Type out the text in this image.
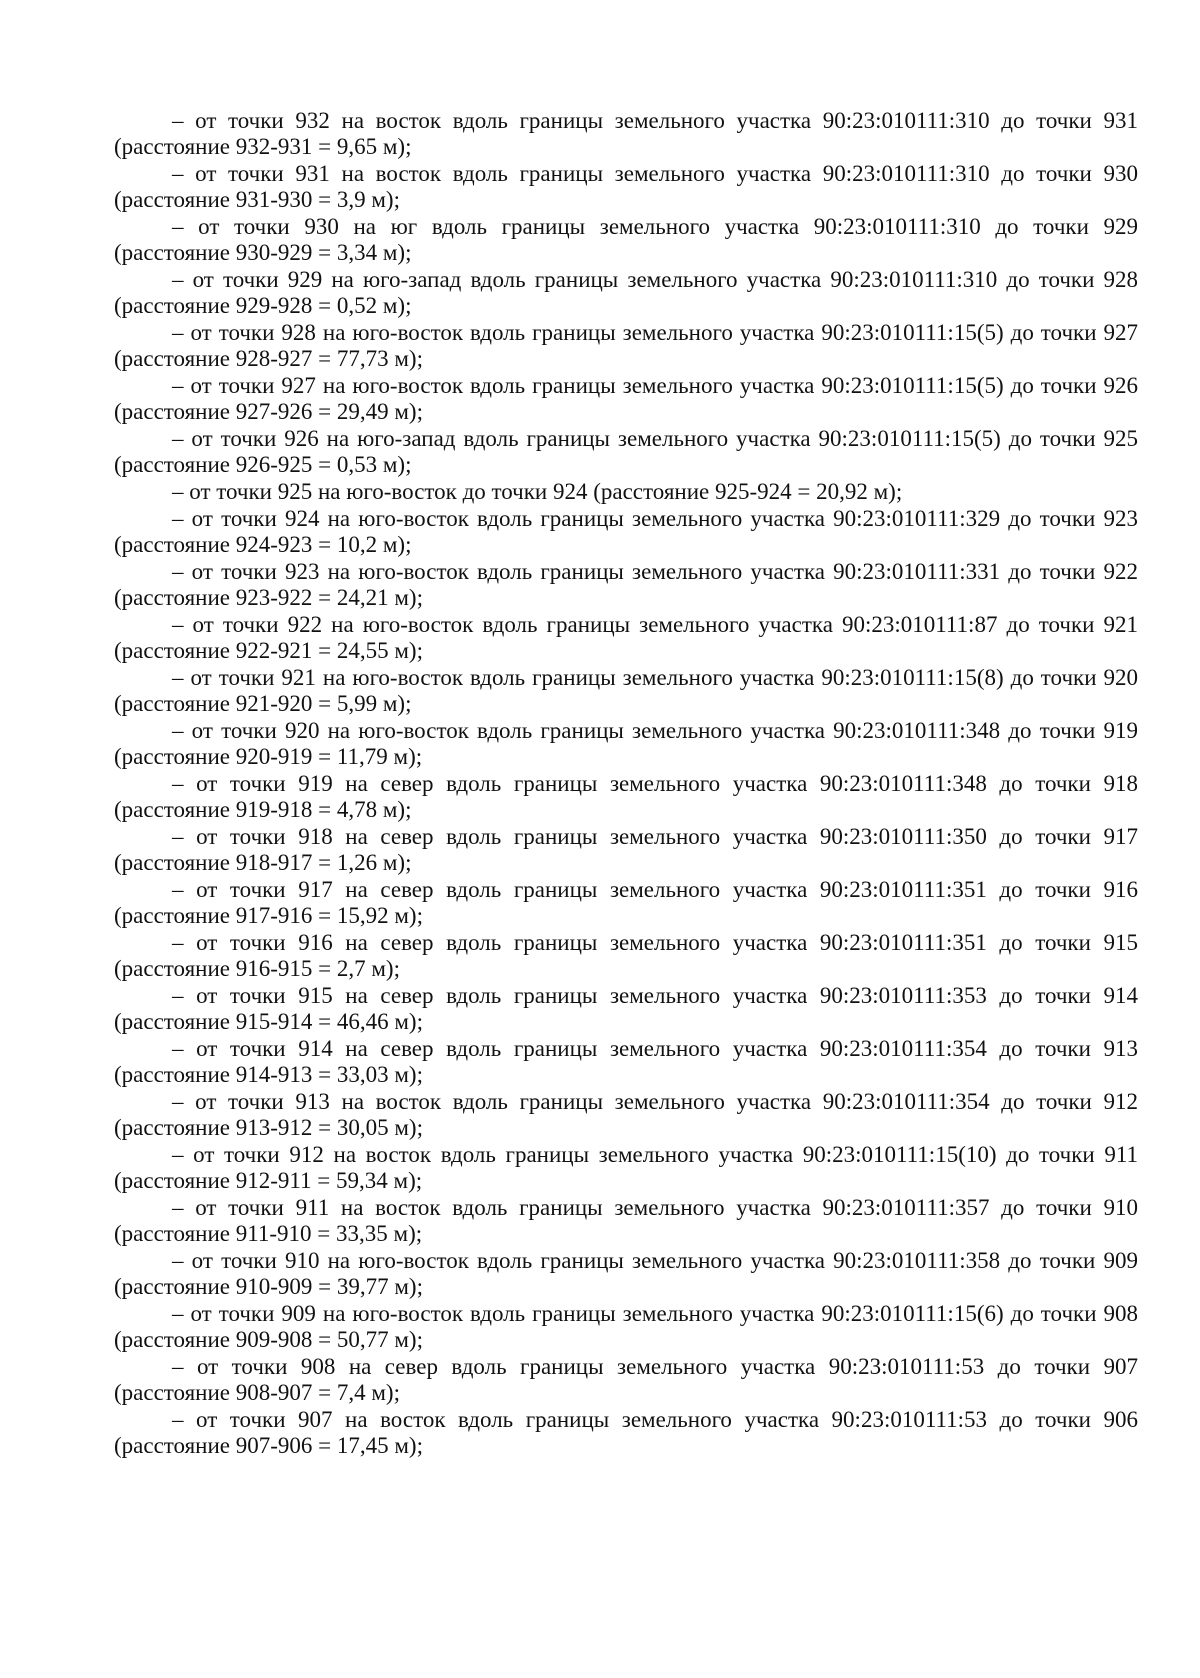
– от точки 932 на восток вдоль границы земельного участка 90:23:010111:310 до точки 931 (расстояние 932-931 = 9,65 м);

– от точки 931 на восток вдоль границы земельного участка 90:23:010111:310 до точки 930 (расстояние 931-930 = 3,9 м);

– от точки 930 на юг вдоль границы земельного участка 90:23:010111:310 до точки 929 (расстояние 930-929 = 3,34 м);

– от точки 929 на юго-запад вдоль границы земельного участка 90:23:010111:310 до точки 928 (расстояние 929-928 = 0,52 м);

– от точки 928 на юго-восток вдоль границы земельного участка 90:23:010111:15(5) до точки 927 (расстояние 928-927 = 77,73 м);

– от точки 927 на юго-восток вдоль границы земельного участка 90:23:010111:15(5) до точки 926 (расстояние 927-926 = 29,49 м);

– от точки 926 на юго-запад вдоль границы земельного участка 90:23:010111:15(5) до точки 925 (расстояние 926-925 = 0,53 м);

– от точки 925 на юго-восток до точки 924 (расстояние 925-924 = 20,92 м);

– от точки 924 на юго-восток вдоль границы земельного участка 90:23:010111:329 до точки 923 (расстояние 924-923 = 10,2 м);

– от точки 923 на юго-восток вдоль границы земельного участка 90:23:010111:331 до точки 922 (расстояние 923-922 = 24,21 м);

– от точки 922 на юго-восток вдоль границы земельного участка 90:23:010111:87 до точки 921 (расстояние 922-921 = 24,55 м);

– от точки 921 на юго-восток вдоль границы земельного участка 90:23:010111:15(8) до точки 920 (расстояние 921-920 = 5,99 м);

– от точки 920 на юго-восток вдоль границы земельного участка 90:23:010111:348 до точки 919 (расстояние 920-919 = 11,79 м);

– от точки 919 на север вдоль границы земельного участка 90:23:010111:348 до точки 918 (расстояние 919-918 = 4,78 м);

– от точки 918 на север вдоль границы земельного участка 90:23:010111:350 до точки 917 (расстояние 918-917 = 1,26 м);

– от точки 917 на север вдоль границы земельного участка 90:23:010111:351 до точки 916 (расстояние 917-916 = 15,92 м);

– от точки 916 на север вдоль границы земельного участка 90:23:010111:351 до точки 915 (расстояние 916-915 = 2,7 м);

– от точки 915 на север вдоль границы земельного участка 90:23:010111:353 до точки 914 (расстояние 915-914 = 46,46 м);

– от точки 914 на север вдоль границы земельного участка 90:23:010111:354 до точки 913 (расстояние 914-913 = 33,03 м);

– от точки 913 на восток вдоль границы земельного участка 90:23:010111:354 до точки 912 (расстояние 913-912 = 30,05 м);

– от точки 912 на восток вдоль границы земельного участка 90:23:010111:15(10) до точки 911 (расстояние 912-911 = 59,34 м);

– от точки 911 на восток вдоль границы земельного участка 90:23:010111:357 до точки 910 (расстояние 911-910 = 33,35 м);

– от точки 910 на юго-восток вдоль границы земельного участка 90:23:010111:358 до точки 909 (расстояние 910-909 = 39,77 м);

– от точки 909 на юго-восток вдоль границы земельного участка 90:23:010111:15(6) до точки 908 (расстояние 909-908 = 50,77 м);

– от точки 908 на север вдоль границы земельного участка 90:23:010111:53 до точки 907 (расстояние 908-907 = 7,4 м);

– от точки 907 на восток вдоль границы земельного участка 90:23:010111:53 до точки 906 (расстояние 907-906 = 17,45 м);
